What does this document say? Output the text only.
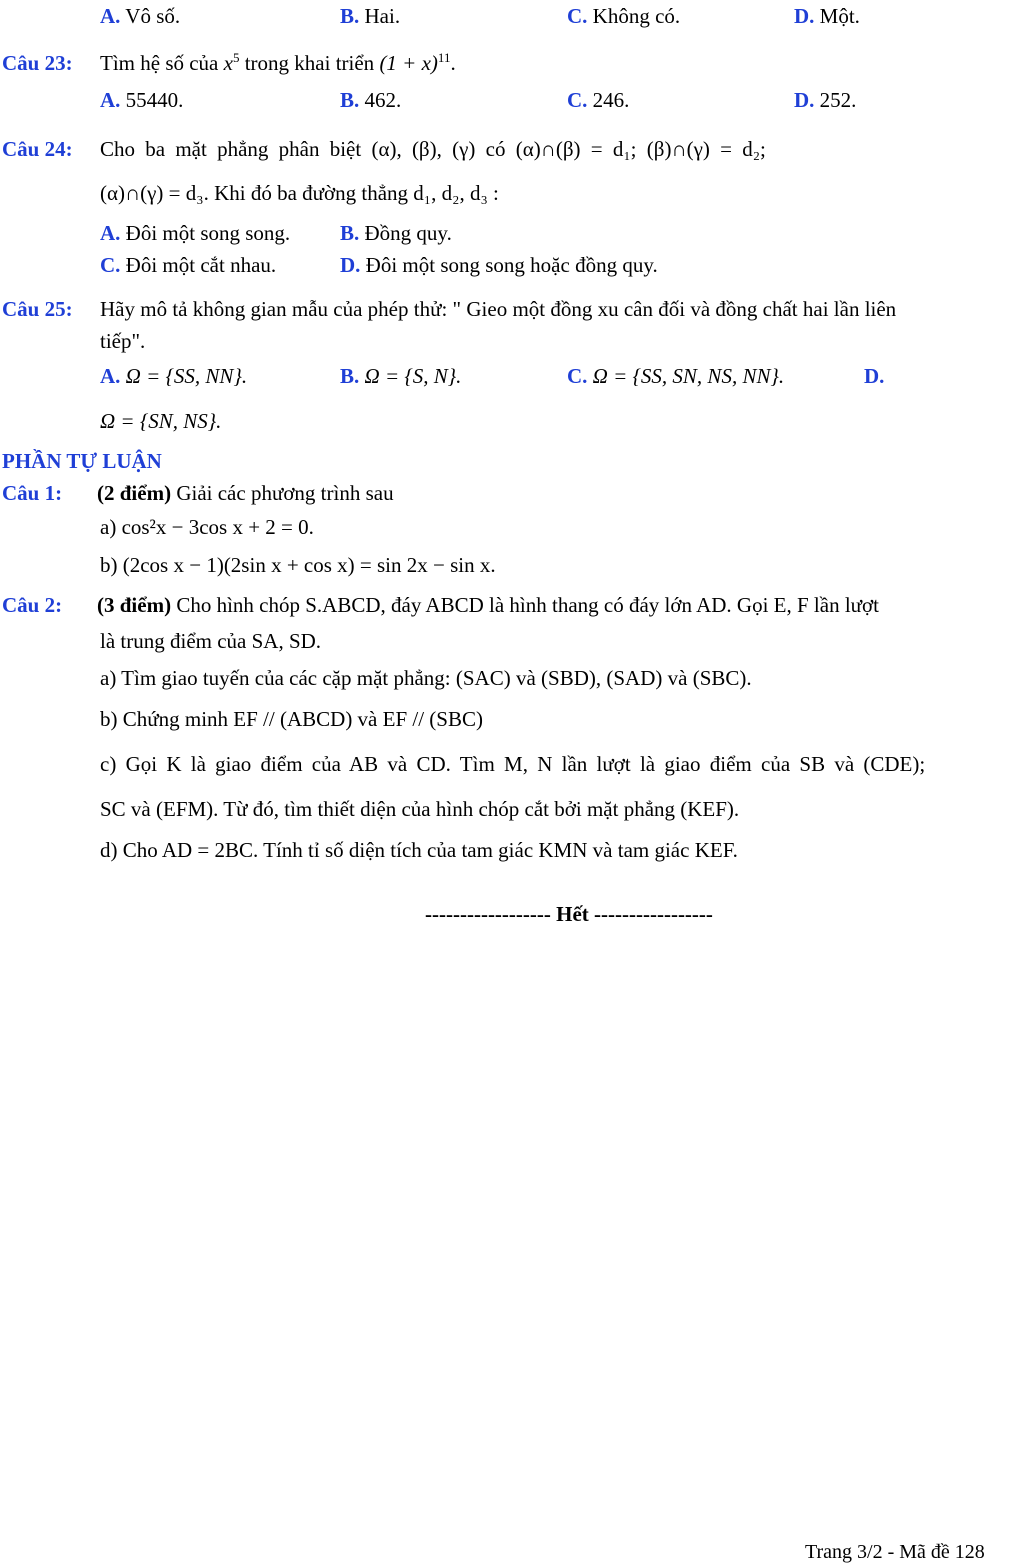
A. Vô số.	B. Hai.	C. Không có.	D. Một.
Câu 23: Tìm hệ số của $x^5$ trong khai triển $(1 + x)^{11}$.
A. 55440.	B. 462.	C. 246.	D. 252.
Câu 24: Cho ba mặt phẳng phân biệt (α), (β), (γ) có (α)∩(β) = d₁; (β)∩(γ) = d₂;
(α)∩(γ) = d₃. Khi đó ba đường thẳng d₁, d₂, d₃ :
A. Đôi một song song. B. Đồng quy.
C. Đôi một cắt nhau.	D. Đôi một song song hoặc đồng quy.
Câu 25: Hãy mô tả không gian mẫu của phép thử: " Gieo một đồng xu cân đối và đồng chất hai lần liên
tiếp".
A. Ω = {SS, NN}.	B. Ω = {S, N}.	C. Ω = {SS, SN, NS, NN}.	D.
Ω = {SN, NS}.
PHẦN TỰ LUẬN
Câu 1: (2 điểm) Giải các phương trình sau
a) cos²x − 3cos x + 2 = 0.
b) (2cos x − 1)(2sin x + cos x) = sin 2x − sin x.
Câu 2: (3 điểm) Cho hình chóp S.ABCD, đáy ABCD là hình thang có đáy lớn AD. Gọi E, F lần lượt
là trung điểm của SA, SD.
a) Tìm giao tuyến của các cặp mặt phẳng: (SAC) và (SBD), (SAD) và (SBC).
b) Chứng minh EF // (ABCD) và EF // (SBC)
c) Gọi K là giao điểm của AB và CD. Tìm M, N lần lượt là giao điểm của SB và (CDE);
SC và (EFM). Từ đó, tìm thiết diện của hình chóp cắt bởi mặt phẳng (KEF).
d) Cho AD = 2BC. Tính tỉ số diện tích của tam giác KMN và tam giác KEF.
------------------ Hết -----------------
Trang 3/2 - Mã đề 128
